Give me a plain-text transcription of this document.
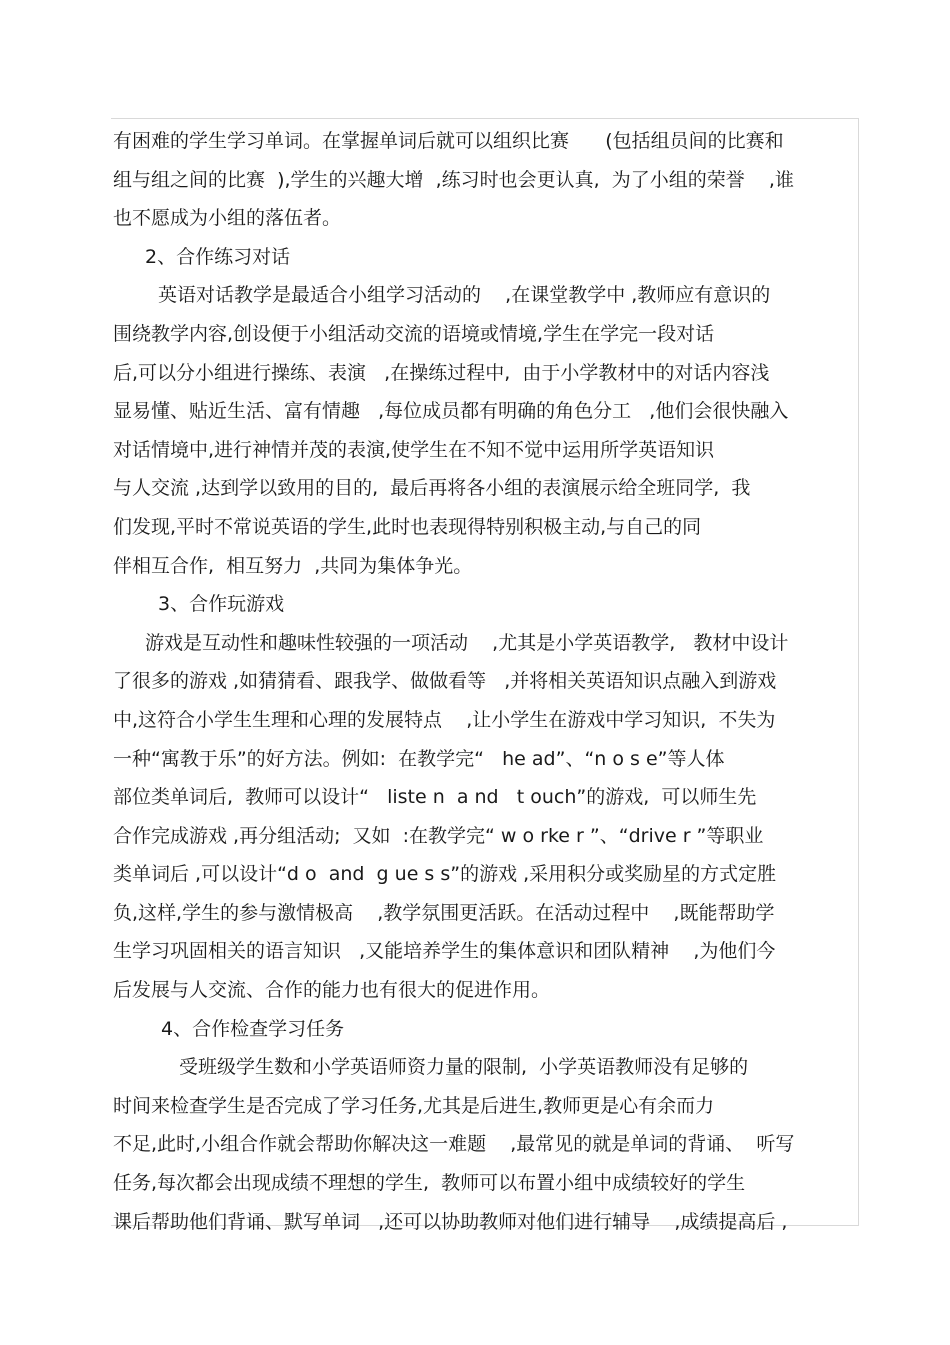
有困难的学生学习单词。在掌握单词后就可以组织比赛      (包括组员间的比赛和
组与组之间的比赛  ),学生的兴趣大增  ,练习时也会更认真,  为了小组的荣誉    ,谁
也不愿成为小组的落伍者。
2、合作练习对话
英语对话教学是最适合小组学习活动的    ,在课堂教学中 ,教师应有意识的
围绕教学内容,创设便于小组活动交流的语境或情境,学生在学完一段对话
后,可以分小组进行操练、表演   ,在操练过程中,  由于小学教材中的对话内容浅
显易懂、贴近生活、富有情趣   ,每位成员都有明确的角色分工   ,他们会很快融入
对话情境中,进行神情并茂的表演,使学生在不知不觉中运用所学英语知识
与人交流 ,达到学以致用的目的,  最后再将各小组的表演展示给全班同学,  我
们发现,平时不常说英语的学生,此时也表现得特别积极主动,与自己的同
伴相互合作,  相互努力  ,共同为集体争光。
3、合作玩游戏
游戏是互动性和趣味性较强的一项活动    ,尤其是小学英语教学,   教材中设计
了很多的游戏 ,如猜猜看、跟我学、做做看等   ,并将相关英语知识点融入到游戏
中,这符合小学生生理和心理的发展特点    ,让小学生在游戏中学习知识,  不失为
一种“寓教于乐”的好方法。例如:  在教学完“   he ad”、“n o s e”等人体
部位类单词后,  教师可以设计“   liste n  a nd   t ouch”的游戏,  可以师生先
合作完成游戏 ,再分组活动;  又如  :在教学完“ w o rke r ”、“drive r ”等职业
类单词后 ,可以设计“d o  and  g ue s s”的游戏 ,采用积分或奖励星的方式定胜
负,这样,学生的参与激情极高    ,教学氛围更活跃。在活动过程中    ,既能帮助学
生学习巩固相关的语言知识   ,又能培养学生的集体意识和团队精神    ,为他们今
后发展与人交流、合作的能力也有很大的促进作用。
4、合作检查学习任务
受班级学生数和小学英语师资力量的限制,  小学英语教师没有足够的
时间来检查学生是否完成了学习任务,尤其是后进生,教师更是心有余而力
不足,此时,小组合作就会帮助你解决这一难题    ,最常见的就是单词的背诵、  听写
任务,每次都会出现成绩不理想的学生,  教师可以布置小组中成绩较好的学生
课后帮助他们背诵、默写单词   ,还可以协助教师对他们进行辅导    ,成绩提高后 ,
